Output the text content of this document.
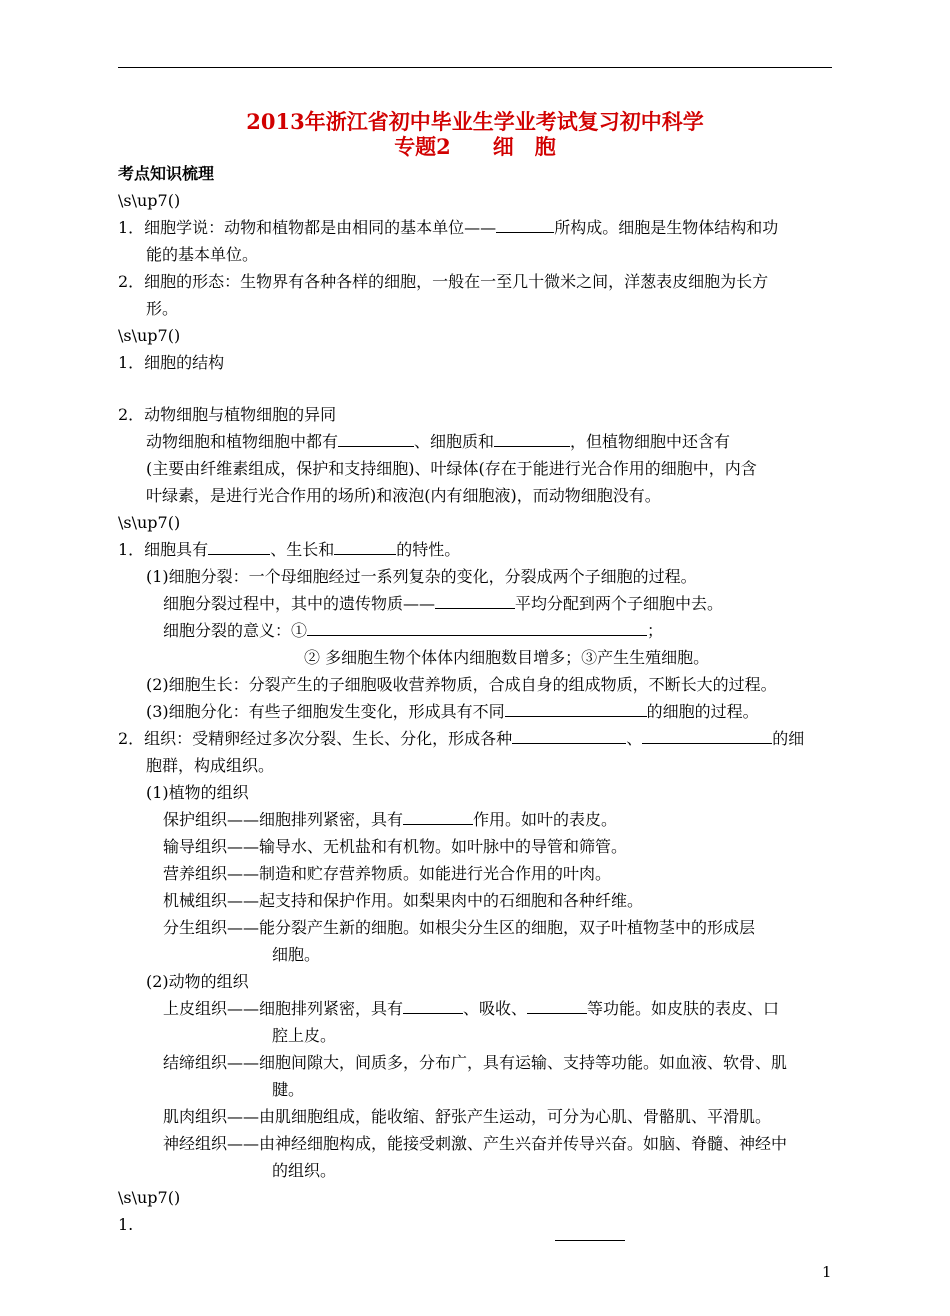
2013年浙江省初中毕业生学业考试复习初中科学
专题2　　细　胞
考点知识梳理
\s\up7()
1．细胞学说：动物和植物都是由相同的基本单位——	所构成。细胞是生物体结构和功
能的基本单位。
2．细胞的形态：生物界有各种各样的细胞，一般在一至几十微米之间，洋葱表皮细胞为长方
形。
\s\up7()
1．细胞的结构
2．动物细胞与植物细胞的异同
动物细胞和植物细胞中都有	、细胞质和	，但植物细胞中还含有
(主要由纤维素组成，保护和支持细胞)、叶绿体(存在于能进行光合作用的细胞中，内含
叶绿素，是进行光合作用的场所)和液泡(内有细胞液)，而动物细胞没有。
\s\up7()
1．细胞具有	、生长和	的特性。
(1)细胞分裂：一个母细胞经过一系列复杂的变化，分裂成两个子细胞的过程。
细胞分裂过程中，其中的遗传物质——	平均分配到两个子细胞中去。
细胞分裂的意义：①	；
② 多细胞生物个体体内细胞数目增多；③产生生殖细胞。
(2)细胞生长：分裂产生的子细胞吸收营养物质，合成自身的组成物质，不断长大的过程。
(3)细胞分化：有些子细胞发生变化，形成具有不同	的细胞的过程。
2．组织：受精卵经过多次分裂、生长、分化，形成各种	、	的细
胞群，构成组织。
(1)植物的组织
保护组织——细胞排列紧密，具有	作用。如叶的表皮。
输导组织——输导水、无机盐和有机物。如叶脉中的导管和筛管。
营养组织——制造和贮存营养物质。如能进行光合作用的叶肉。
机械组织——起支持和保护作用。如梨果肉中的石细胞和各种纤维。
分生组织——能分裂产生新的细胞。如根尖分生区的细胞，双子叶植物茎中的形成层
细胞。
(2)动物的组织
上皮组织——细胞排列紧密，具有	、吸收、	等功能。如皮肤的表皮、口
腔上皮。
结缔组织——细胞间隙大，间质多，分布广，具有运输、支持等功能。如血液、软骨、肌
腱。
肌肉组织——由肌细胞组成，能收缩、舒张产生运动，可分为心肌、骨骼肌、平滑肌。
神经组织——由神经细胞构成，能接受刺激、产生兴奋并传导兴奋。如脑、脊髓、神经中
的组织。
\s\up7()
1.
1
